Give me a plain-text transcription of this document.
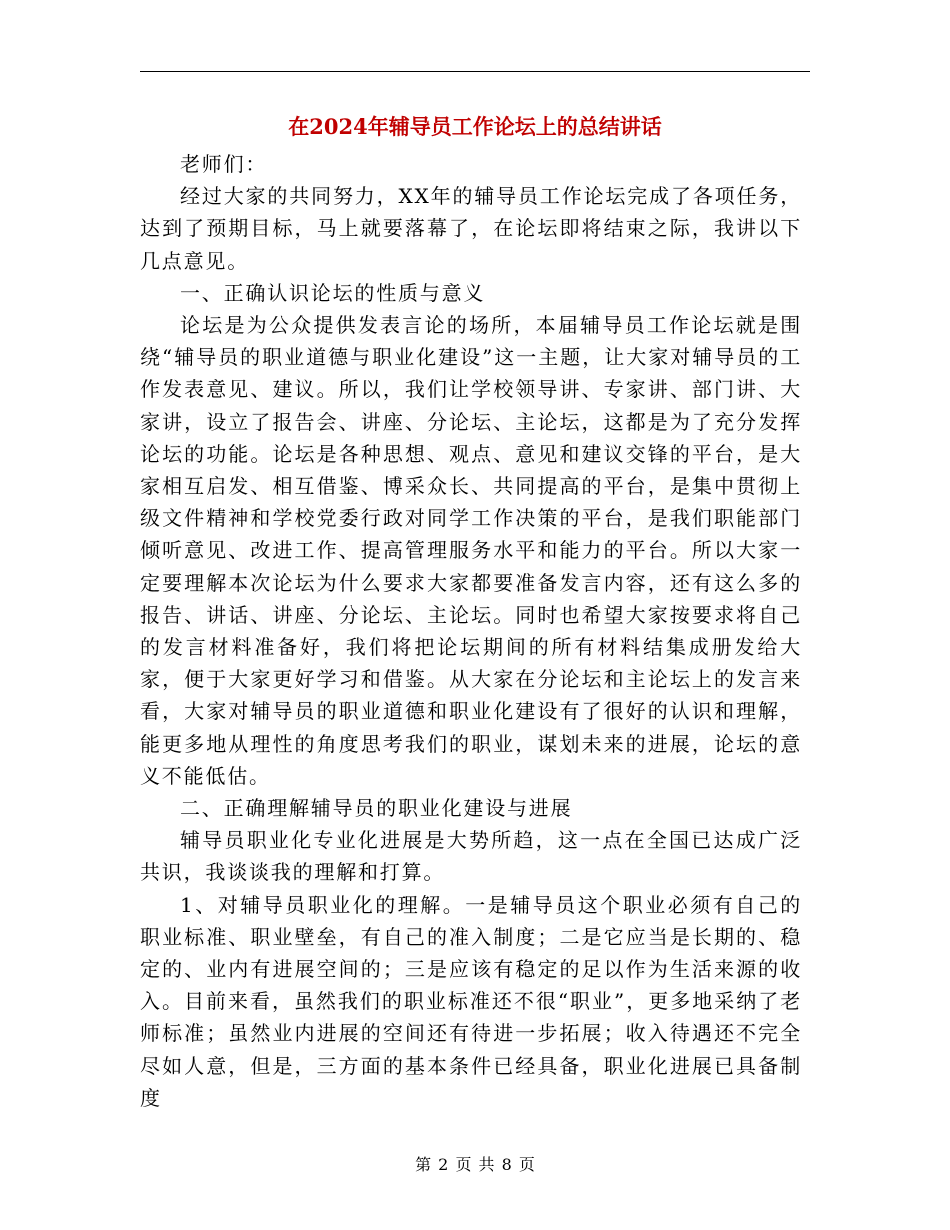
在2024年辅导员工作论坛上的总结讲话

老师们：

经过大家的共同努力，XX年的辅导员工作论坛完成了各项任务，达到了预期目标，马上就要落幕了，在论坛即将结束之际，我讲以下几点意见。

一、正确认识论坛的性质与意义

论坛是为公众提供发表言论的场所，本届辅导员工作论坛就是围绕“辅导员的职业道德与职业化建设”这一主题，让大家对辅导员的工作发表意见、建议。所以，我们让学校领导讲、专家讲、部门讲、大家讲，设立了报告会、讲座、分论坛、主论坛，这都是为了充分发挥论坛的功能。论坛是各种思想、观点、意见和建议交锋的平台，是大家相互启发、相互借鉴、博采众长、共同提高的平台，是集中贯彻上级文件精神和学校党委行政对同学工作决策的平台，是我们职能部门倾听意见、改进工作、提高管理服务水平和能力的平台。所以大家一定要理解本次论坛为什么要求大家都要准备发言内容，还有这么多的报告、讲话、讲座、分论坛、主论坛。同时也希望大家按要求将自己的发言材料准备好，我们将把论坛期间的所有材料结集成册发给大家，便于大家更好学习和借鉴。从大家在分论坛和主论坛上的发言来看，大家对辅导员的职业道德和职业化建设有了很好的认识和理解，能更多地从理性的角度思考我们的职业，谋划未来的进展，论坛的意义不能低估。

二、正确理解辅导员的职业化建设与进展

辅导员职业化专业化进展是大势所趋，这一点在全国已达成广泛共识，我谈谈我的理解和打算。

1、对辅导员职业化的理解。一是辅导员这个职业必须有自己的职业标准、职业壁垒，有自己的准入制度；二是它应当是长期的、稳定的、业内有进展空间的；三是应该有稳定的足以作为生活来源的收入。目前来看，虽然我们的职业标准还不很“职业”，更多地采纳了老师标准；虽然业内进展的空间还有待进一步拓展；收入待遇还不完全尽如人意，但是，三方面的基本条件已经具备，职业化进展已具备制度

第 2 页 共 8 页
